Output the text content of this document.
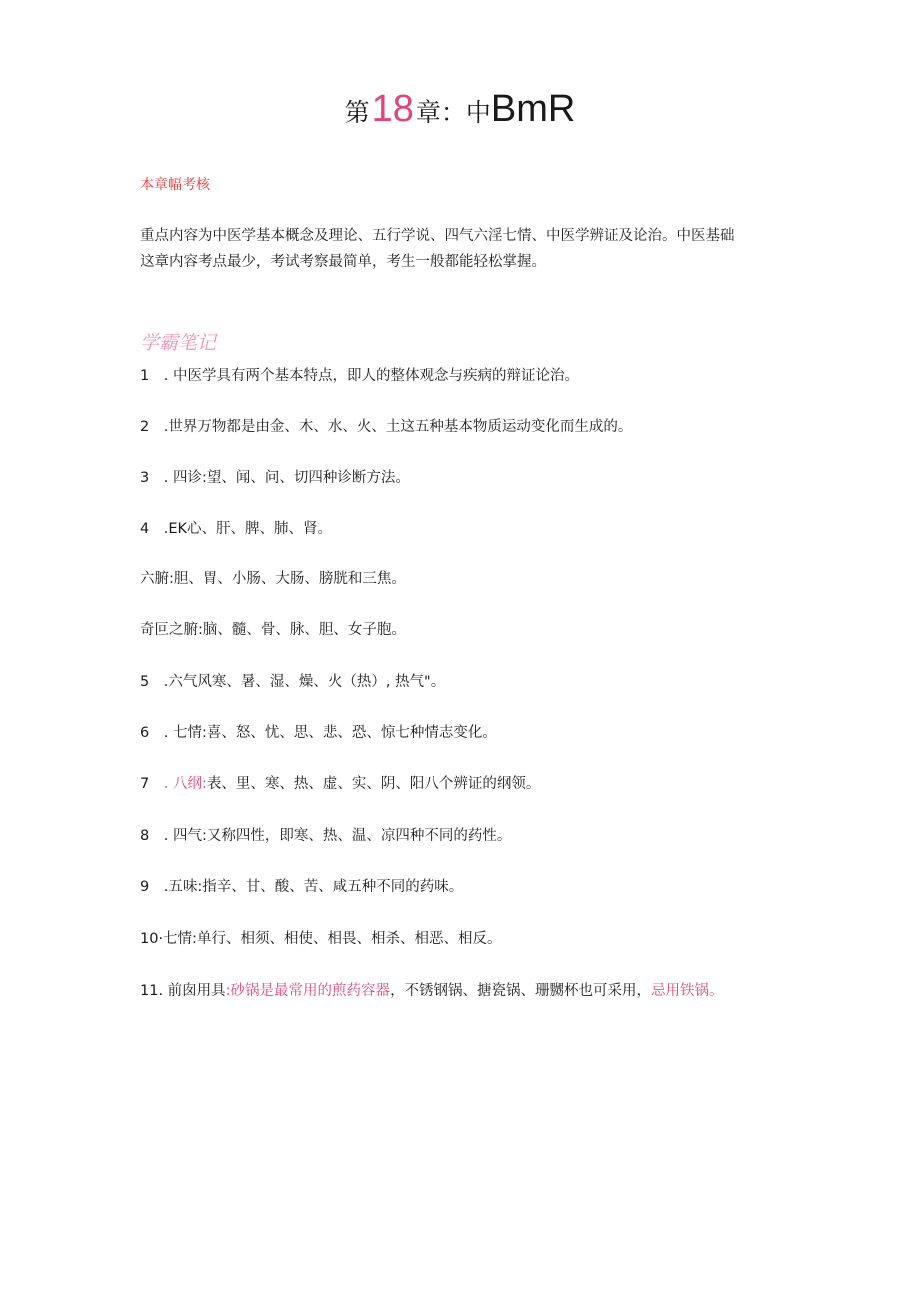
第18章：中BmR
本章幅考核

重点内容为中医学基本概念及理论、五行学说、四气六淫七情、中医学辨证及论治。中医基础

这章内容考点最少，考试考察最简单，考生一般都能轻松掌握。

学霸笔记
1　. 中医学具有两个基本特点，即人的整体观念与疾病的辩证论治。
2　.世界万物都是由金、木、水、火、土这五种基本物质运动变化而生成的。
3　. 四诊:望、闻、问、切四种诊断方法。
4　.EK心、肝、脾、肺、肾。
六腑:胆、胃、小肠、大肠、膀胱和三焦。
奇叵之腑:脑、髓、骨、脉、胆、女子胞。
5　.六气风寒、暑、湿、燥、火（热）, 热气"。
6　. 七情:喜、怒、忧、思、悲、恐、惊七种情志变化。
7　. 八纲:表、里、寒、热、虚、实、阴、阳八个辨证的纲领。
8　. 四气:又称四性，即寒、热、温、凉四种不同的药性。
9　.五味:指辛、甘、酸、苦、咸五种不同的药味。
10·七情:单行、相须、相使、相畏、相杀、相恶、相反。
11. 前囱用具:砂锅是最常用的煎药容器，不锈钢锅、搪瓷锅、珊嬲杯也可采用，忌用铁锅。
